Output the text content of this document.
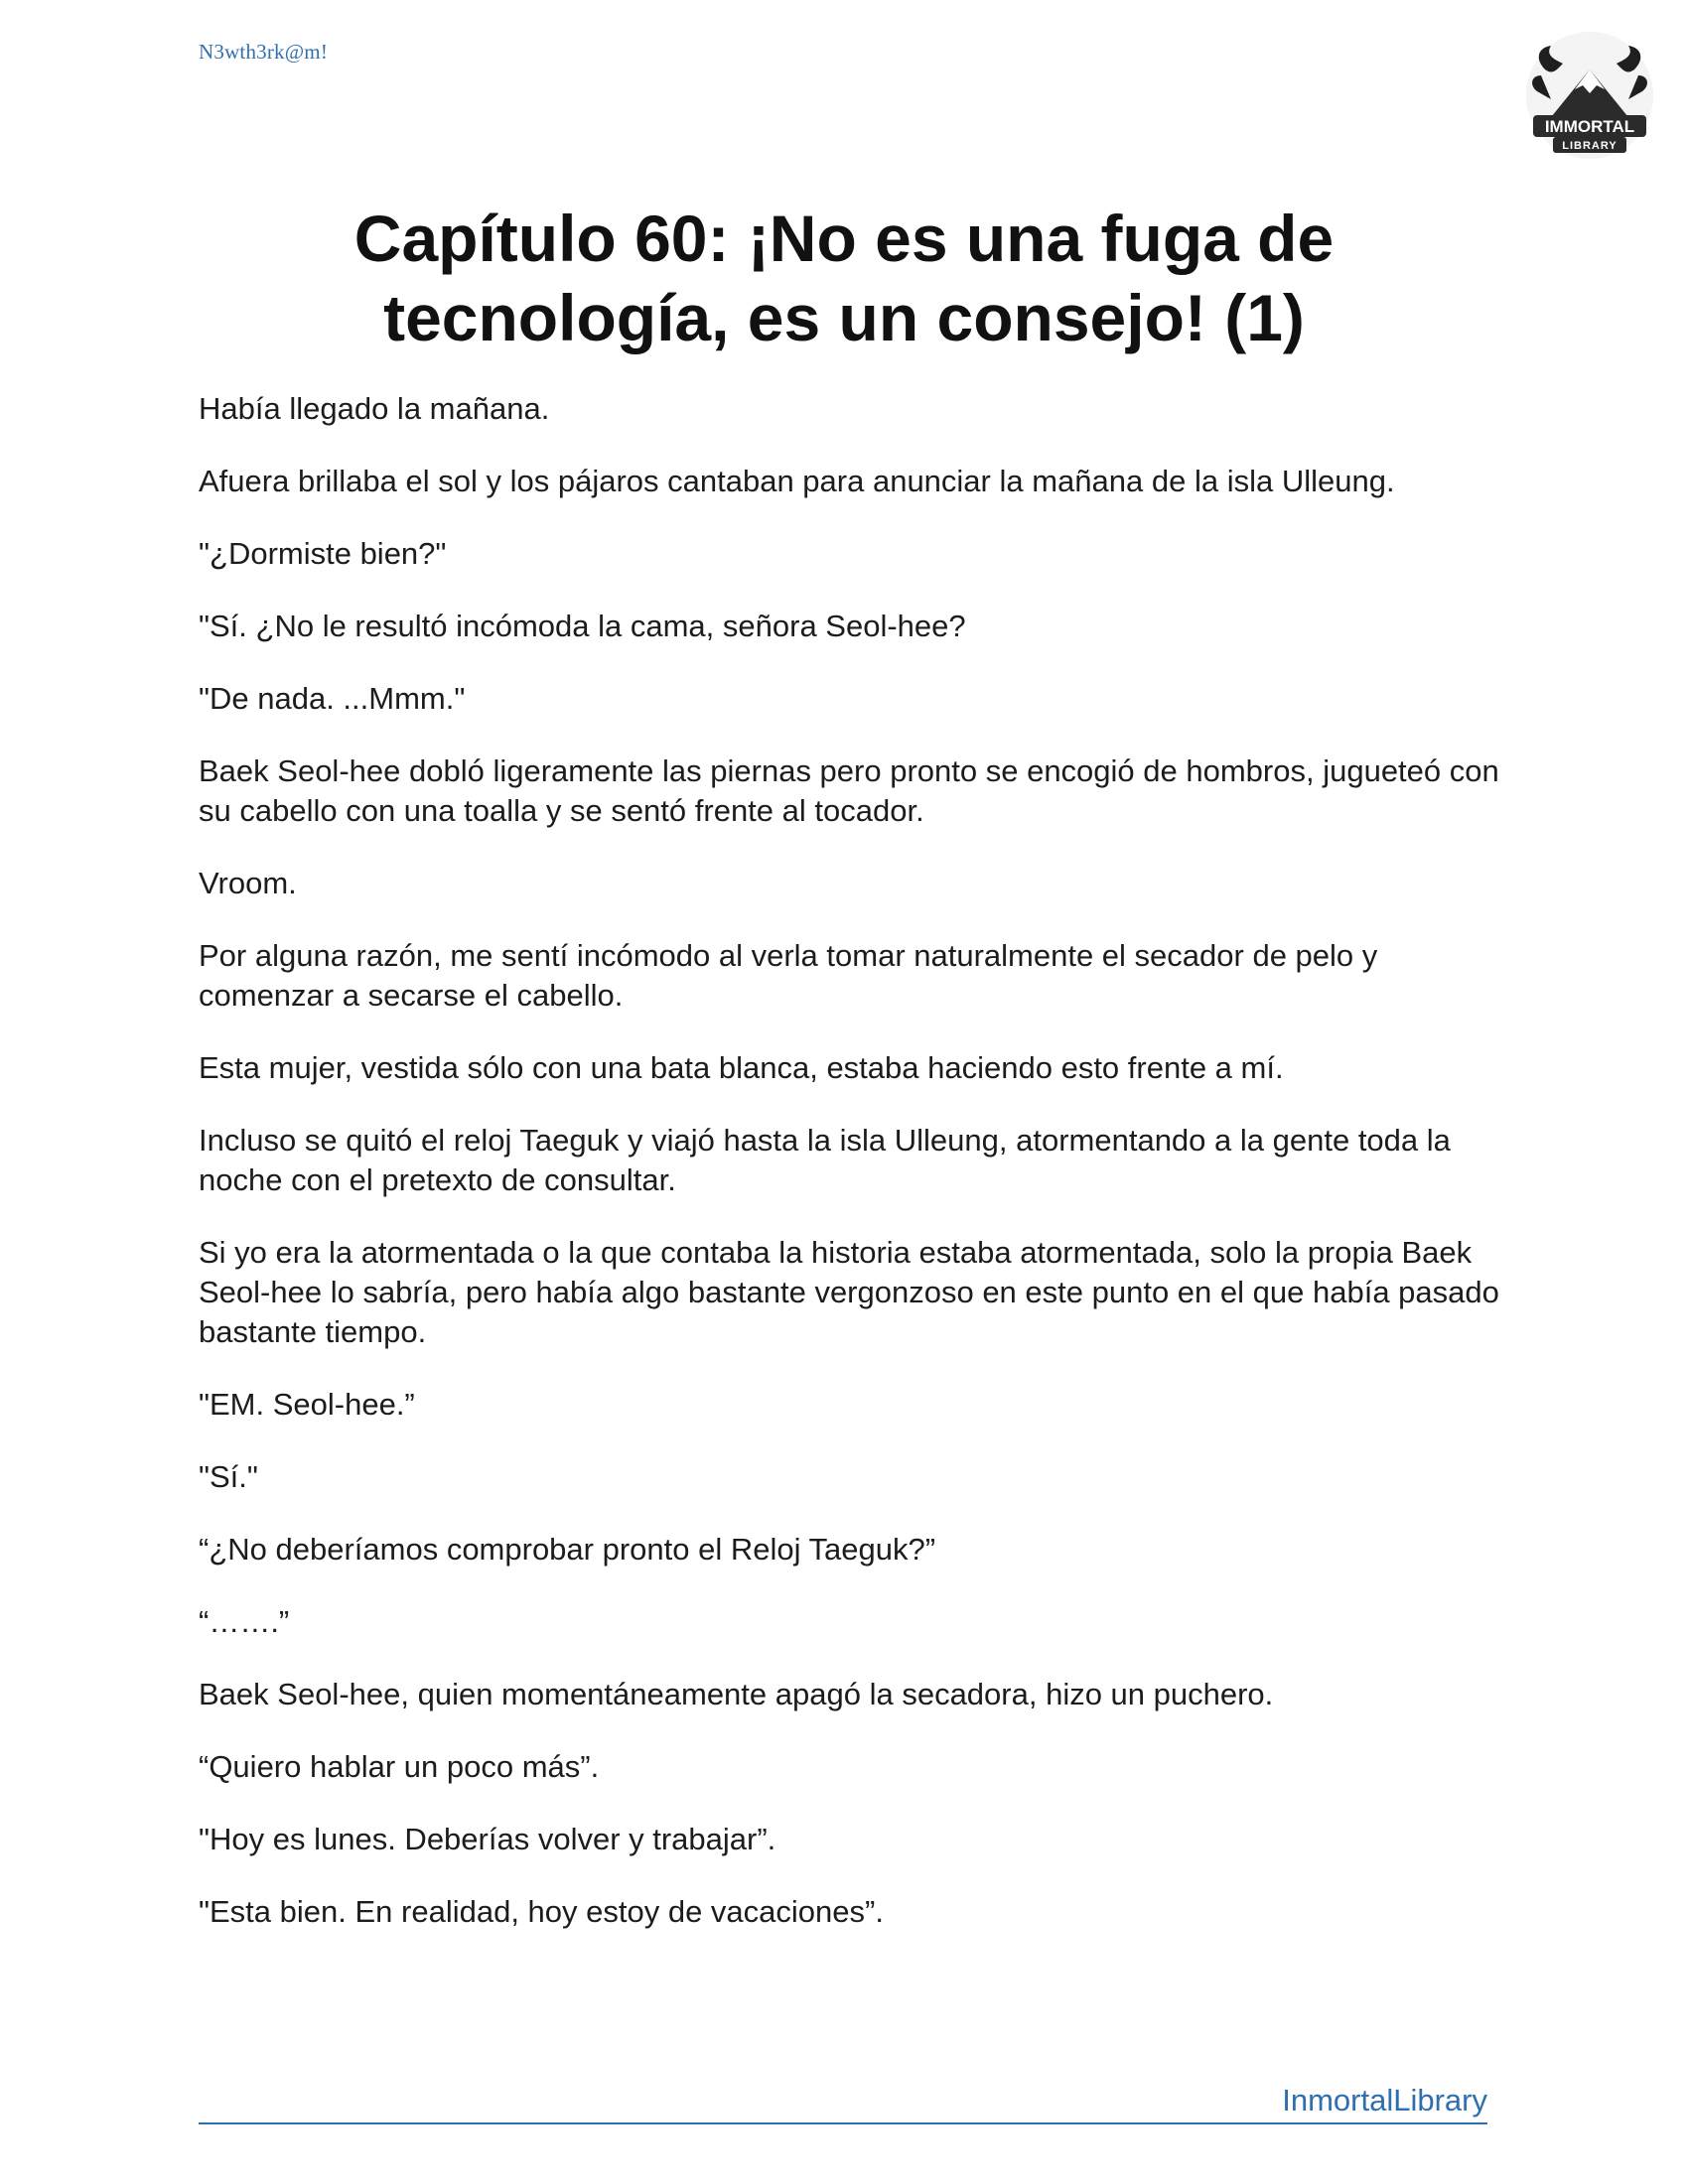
N3wth3rk@m!
IMMORTAL
LIBRARY
Capítulo 60: ¡No es una fuga de tecnología, es un consejo! (1)

Había llegado la mañana.

Afuera brillaba el sol y los pájaros cantaban para anunciar la mañana de la isla Ulleung.

"¿Dormiste bien?"

"Sí. ¿No le resultó incómoda la cama, señora Seol-hee?

"De nada. ...Mmm."

Baek Seol-hee dobló ligeramente las piernas pero pronto se encogió de hombros, jugueteó con su cabello con una toalla y se sentó frente al tocador.

Vroom.

Por alguna razón, me sentí incómodo al verla tomar naturalmente el secador de pelo y comenzar a secarse el cabello.

Esta mujer, vestida sólo con una bata blanca, estaba haciendo esto frente a mí.

Incluso se quitó el reloj Taeguk y viajó hasta la isla Ulleung, atormentando a la gente toda la noche con el pretexto de consultar.

Si yo era la atormentada o la que contaba la historia estaba atormentada, solo la propia Baek Seol-hee lo sabría, pero había algo bastante vergonzoso en este punto en el que había pasado bastante tiempo.

"EM. Seol-hee.”

"Sí."

“¿No deberíamos comprobar pronto el Reloj Taeguk?”

“…….”

Baek Seol-hee, quien momentáneamente apagó la secadora, hizo un puchero.

“Quiero hablar un poco más”.

"Hoy es lunes. Deberías volver y trabajar”.

"Esta bien. En realidad, hoy estoy de vacaciones”.

InmortalLibrary
